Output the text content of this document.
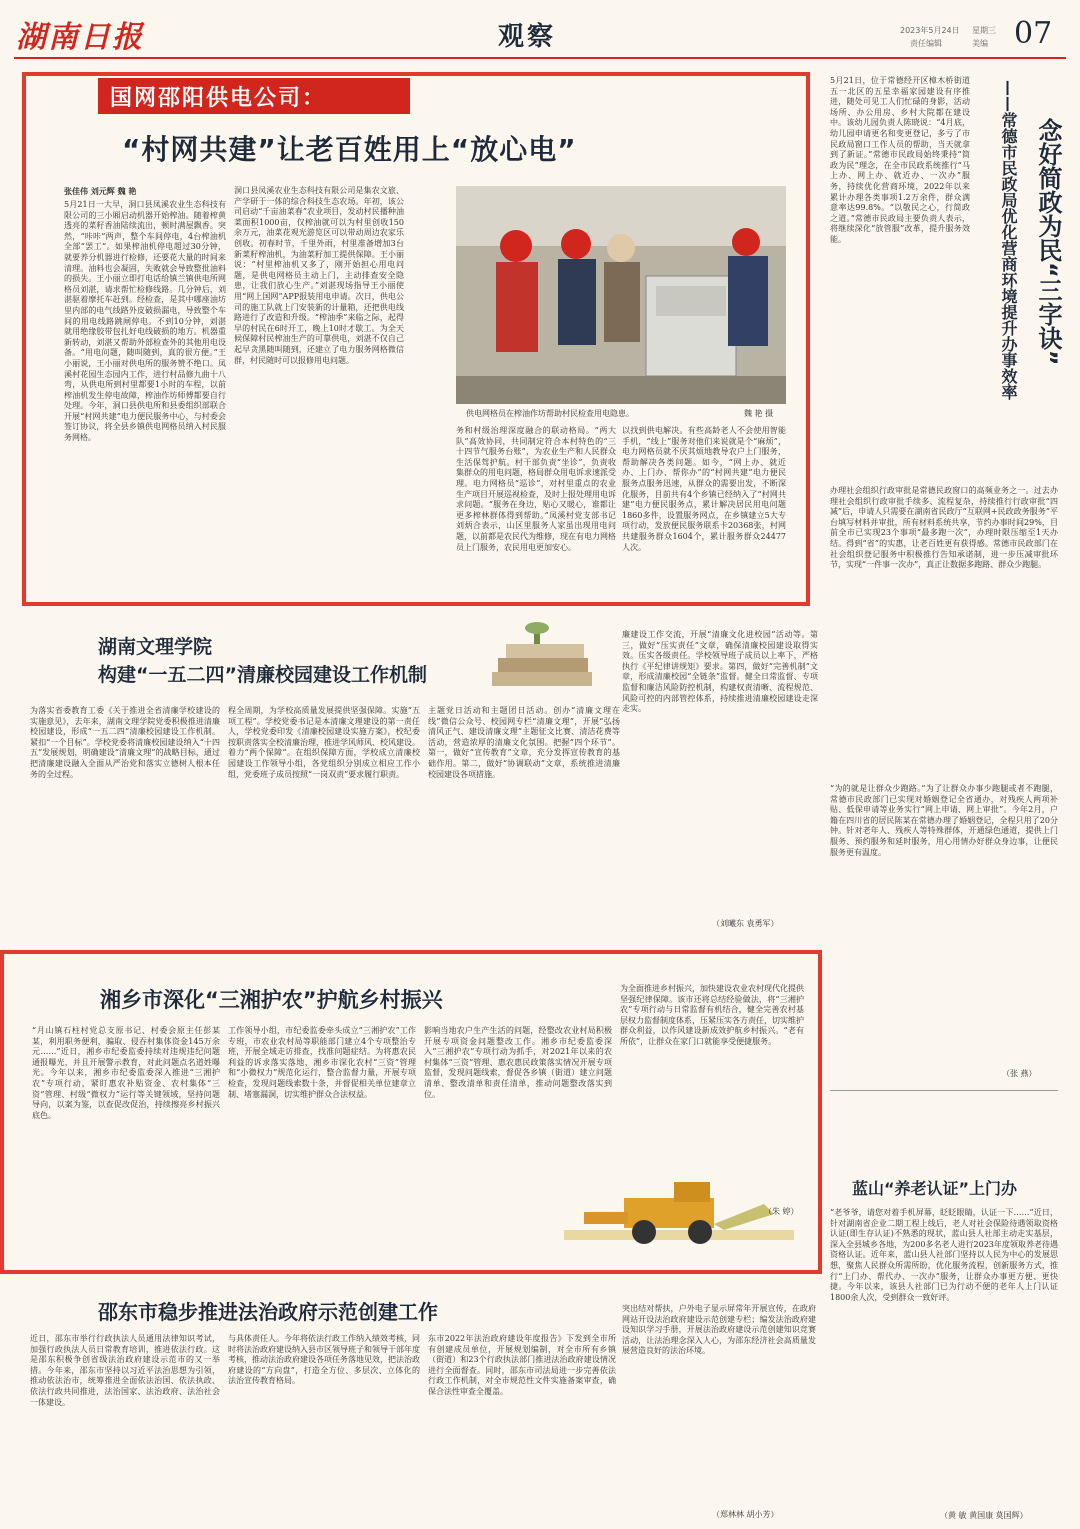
湖南日报	观察	2023年5月24日 星期三
责任编辑	美编 07
国网邵阳供电公司：
“村网共建”让老百姓用上“放心电”
张佳伟 刘元辉 魏 艳
5月21日一大早，洞口县凤溪农业生态科技有限公司的三小厢启动机器开始榨油。随着榨黄透亮的菜籽香油陆续流出，顿时满屋飘香。突然，“咔咔”两声，整个车间停电，4台榨油机全部“罢工”。如果榨油机停电超过30分钟，就要养分机器进行检修，还要花大量的时间来清理。油料也会凝固，失败就会导致整批油料的损失。王小丽立即打电话给镇兰镇供电所网格员刘湛，请求帮忙检修线路。几分钟后，刘湛驱着摩托车赶到。经检查，是其中哪座油坊里内部的电气线路外皮破损漏电，导致整个车间的用电线路跳闸停电。不到10分钟，刘湛就用绝缘胶带包扎好电线破损的地方。机器重新转动，刘湛又帮助外部检查外的其他用电设备。“用电问题，随叫随到，真的很方便。”王小丽说，王小丽对供电所的服务赞不绝口。凤溪村花园生态园内工作，进行村品修九曲十八弯，从供电所到村里都要1小时的车程，以前榨油机发生停电故障，榨油作坊师傅都要自行处理。今年，洞口县供电所和县委组织部联合开展“村网共建”电力便民服务中心，与村委会签订协议，将全县乡镇供电网格员纳入村民服务网格。
洞口县凤溪农业生态科技有限公司是集农文旅、产学研于一体的综合科技生态农场。年初，该公司启动“千亩油菜春”农业项目，发动村民播种油菜面积1000亩，仅榨油就可以为村里创收150余万元，油菜花观光游览区可以带动周边农家乐创收。初春时节，千里外雨，村里准备增加3台新菜籽榨油机，为油菜籽加工提供保障。王小丽说：“村里榨油机又多了，刚开始担心用电问题，是供电网格员主动上门，主动排查安全隐患，让我们放心生产。”刘湛现场指导王小丽使用“网上国网”APP报装用电申请。次日，供电公司的施工队就上门安装新的计量箱，还把供电线路进行了改造和升级。“榨油季”来临之际，起得早的村民在6时开工，晚上10时才歇工。为全天候保障村民榨油生产的可靠供电，刘湛不仅自己起早贪黑随叫随到，还建立了电力服务网格微信群，村民随时可以报修用电问题。
供电网格员在榨油作坊帮助村民检查用电隐患。	魏 艳 摄
务和村级治理深度融合的联动格局。“两大队”高效协同，共同制定符合本村特色的“三十四节气服务台账”，为农业生产和人民群众生活保驾护航。村干部负责“坐诊”，负责收集群众的用电问题，格局群众用电诉求速派受理。电力网格员“巡诊”，对村里重点的农业生产项目开展巡视检查，及时上报处理用电诉求问题。“服务在身边，贴心又暖心，谁都让更多榨林群体得到帮助。”凤溪村党支部书记刘炳合表示，山区里服务人家虽出现用电问题，以前都是农民代为维修，现在有电力网格员上门服务，农民用电更加安心。
以找到供电解决。有些高龄老人不会使用智能手机，“线上”服务对他们来说就是个“麻烦”，电力网格员就不厌其烦地教导农户上门服务，帮助解决各类问题。如今，“网上办、就近办、上门办、帮你办”的“村网共建”电力便民服务点服务迅速，从群众的需要出发，不断深化服务，目前共有4个乡镇已经纳入了“村网共建”电力便民服务点，累计解决居民用电问题1860多件，设置服务网点，在乡镇建立5大专项行动，发放便民服务联系卡20368张，村网共建服务群众1604个，累计服务群众24477人次。
湖南文理学院
构建“一五二四”清廉校园建设工作机制
为落实省委教育工委《关于推进全省清廉学校建设的实施意见》，去年来，湖南文理学院党委积极推进清廉校园建设，形成“一五二四”清廉校园建设工作机制。紧扣“一个目标”。学校党委将清廉校园建设纳入“十四五”发展规划，明确建设“清廉文理”的战略目标，通过把清廉建设融入全面从严治党和落实立德树人根本任务的全过程。
程全周期，为学校高质量发展提供坚强保障。实施“五项工程”。学校党委书记是本清廉文理建设的第一责任人，学校党委印发《清廉校园建设实施方案》，校纪委按职责落实全校清廉治理，推进学风师风、校风建设。着力“两个保障”。在组织保障方面，学校成立清廉校园建设工作领导小组，各党组织分别成立相应工作小组，党委班子成员按照“一岗双责”要求履行职责。
主题党日活动和主题团日活动。创办“清廉文理在线”微信公众号、校园网专栏“清廉文理”，开展“弘扬清风正气、建设清廉文理”主题征文比赛、清洁花费等活动，营造浓厚的清廉文化氛围。把握“四个环节”。第一，做好“宣传教育”文章，充分发挥宣传教育的基础作用。第二，做好“协调联动”文章，系统推进清廉校园建设各项措施。
廉建设工作交流，开展“清廉文化进校园”活动等。第三，做好“压实责任”文章，确保清廉校园建设取得实效。压实各级责任。学校领导班子成员以上率下，严格执行《平纪律讲规矩》要求。第四，做好“完善机制”文章，形成清廉校园“全链条”监督。健全日常监督、专项监督和廉洁风险防控机制，构建权责清晰、流程规范、风险可控的内部管控体系，持续推进清廉校园建设走深走实。
（刘曦东 袁勇军）
湘乡市深化“三湘护农”护航乡村振兴
“月山镇石柱村党总支原书记、村委会原主任彭某某，利用职务便利，骗取、侵吞村集体资金145万余元……”近日，湘乡市纪委监委持续对违规违纪问题通报曝光，并且开展警示教育，对此问题点名道姓曝光。今年以来，湘乡市纪委监委深入推进“三湘护农”专项行动，紧盯惠农补贴资金、农村集体“三资”管理、村级“微权力”运行等关键领域，坚持问题导向，以案为鉴，以查促改促治，持续擦亮乡村振兴底色。
工作领导小组，市纪委监委牵头成立“三湘护农”工作专班，市农业农村局等职能部门建立4个专项整治专班，开展全域走访排查，找准问题症结。为将惠农民利益的诉求落实落地，湘乡市深化农村“三资”管理和“小微权力”规范化运行，整合监督力量，开展专项检查，发现问题线索数十条，并督促相关单位建章立制、堵塞漏洞，切实维护群众合法权益。
影响当地农户生产生活的问题，经整改农业村局积极开展专项资金问题整改工作。湘乡市纪委监委深入“三湘护农”专项行动为抓手，对2021年以来的农村集体“三资”管理、惠农惠民政策落实情况开展专项监督，发现问题线索，督促各乡镇（街道）建立问题清单、整改清单和责任清单，推动问题整改落实到位。
为全面推进乡村振兴，加快建设农业农村现代化提供坚强纪律保障。该市还将总结经验做法，将“三湘护农”专项行动与日常监督有机结合，健全完善农村基层权力监督制度体系，压紧压实各方责任，切实维护群众利益，以作风建设新成效护航乡村振兴。“老有所依”，让群众在家门口就能享受便捷服务。
（朱 婷）
邵东市稳步推进法治政府示范创建工作
近日，邵东市举行行政执法人员通用法律知识考试，加强行政执法人员日常教育培训，推进依法行政。这是邵东积极争创省级法治政府建设示范市的又一举措。今年来，邵东市坚持以习近平法治思想为引领，推动依法治市，统筹推进全面依法治国、依法执政、依法行政共同推进，法治国家、法治政府、法治社会一体建设。
与具体责任人。今年将依法行政工作纳入绩效考核，同时将法治政府建设纳入县市区领导班子和领导干部年度考核，推动法治政府建设各项任务落地见效，把法治政府建设的“方向盘”，打造全方位、多层次、立体化的法治宣传教育格局。
东市2022年法治政府建设年度报告》下发到全市所有创建成员单位，开展规划编制，对全市所有乡镇（街道）和23个行政执法部门推进法治政府建设情况进行全面督查。同时，邵东市司法局进一步完善依法行政工作机制，对全市规范性文件实施备案审查，确保合法性审查全覆盖。
突出结对帮扶，户外电子显示屏常年开展宣传，在政府网站开设法治政府建设示范创建专栏；编发法治政府建设知识学习手册，开展法治政府建设示范创建知识竞赛活动，让法治理念深入人心，为邵东经济社会高质量发展营造良好的法治环境。
（郑林林 胡小芳）
5月21日，位于常德经开区樟木桥街道五一北区的五星幸福家园建设有序推进，随处可见工人们忙碌的身影，活动场所、办公用房、乡村大院都在建设中。该幼儿园负责人陈晓说：“4月底，幼儿园申请更名和变更登记，多亏了市民政局窗口工作人员的帮助，当天就拿到了新证。”常德市民政局始终秉持“简政为民”理念，在全市民政系统推行“马上办、网上办、就近办、一次办”服务，持续优化营商环境，2022年以来累计办理各类事项1.2万余件，群众满意率达99.8%。“以敬民之心，行简政之道。”常德市民政局主要负责人表示，将继续深化“放管服”改革，提升服务效能。	念好简政为民“三字诀”
——常德市民政局优化营商环境提升办事效率
办理社会组织行政审批是常德民政窗口的高频业务之一。过去办理社会组织行政审批手续多、流程复杂，持续推行行政审批“四减”后，申请人只需要在湖南省民政厅“互联网+民政政务服务”平台填写材料并审批，所有材料系统共享，节约办事时间29%，目前全市已实现23个事项“最多跑一次”，办理时限压缩至1天办结。得到“省”的实惠，让老百姓更有获得感。常德市民政部门在社会组织登记服务中积极推行告知承诺制，进一步压减审批环节，实现“一件事一次办”，真正让数据多跑路、群众少跑腿。
“为的就是让群众少跑路。”为了让群众办事少跑腿或者不跑腿，常德市民政部门已实现对婚姻登记全省通办，对残疾人两项补贴、低保申请等业务实行“网上申请、网上审批”。今年2月，户籍在四川省的居民陈某在常德办理了婚姻登记，全程只用了20分钟。针对老年人、残疾人等特殊群体，开通绿色通道，提供上门服务、预约服务和延时服务，用心用情办好群众身边事，让便民服务更有温度。
（张 燕）
蓝山“养老认证”上门办
“老爷爷，请您对着手机屏幕，眨眨眼睛，认证一下……”近日，针对湖南省企业二期工程上线后，老人对社会保险待遇领取资格认证(即生存认证)不熟悉的现状，蓝山县人社部主动走实基层，深入全县城乡各地，为200多名老人进行2023年度领取养老待遇资格认证。近年来，蓝山县人社部门坚持以人民为中心的发展思想，聚焦人民群众所需所盼，优化服务流程，创新服务方式，推行“上门办、帮代办、一次办”服务，让群众办事更方便、更快捷。今年以来，该县人社部门已为行动不便的老年人上门认证1800余人次，受到群众一致好评。
（黄 敏 黄国康 莫国辉）
